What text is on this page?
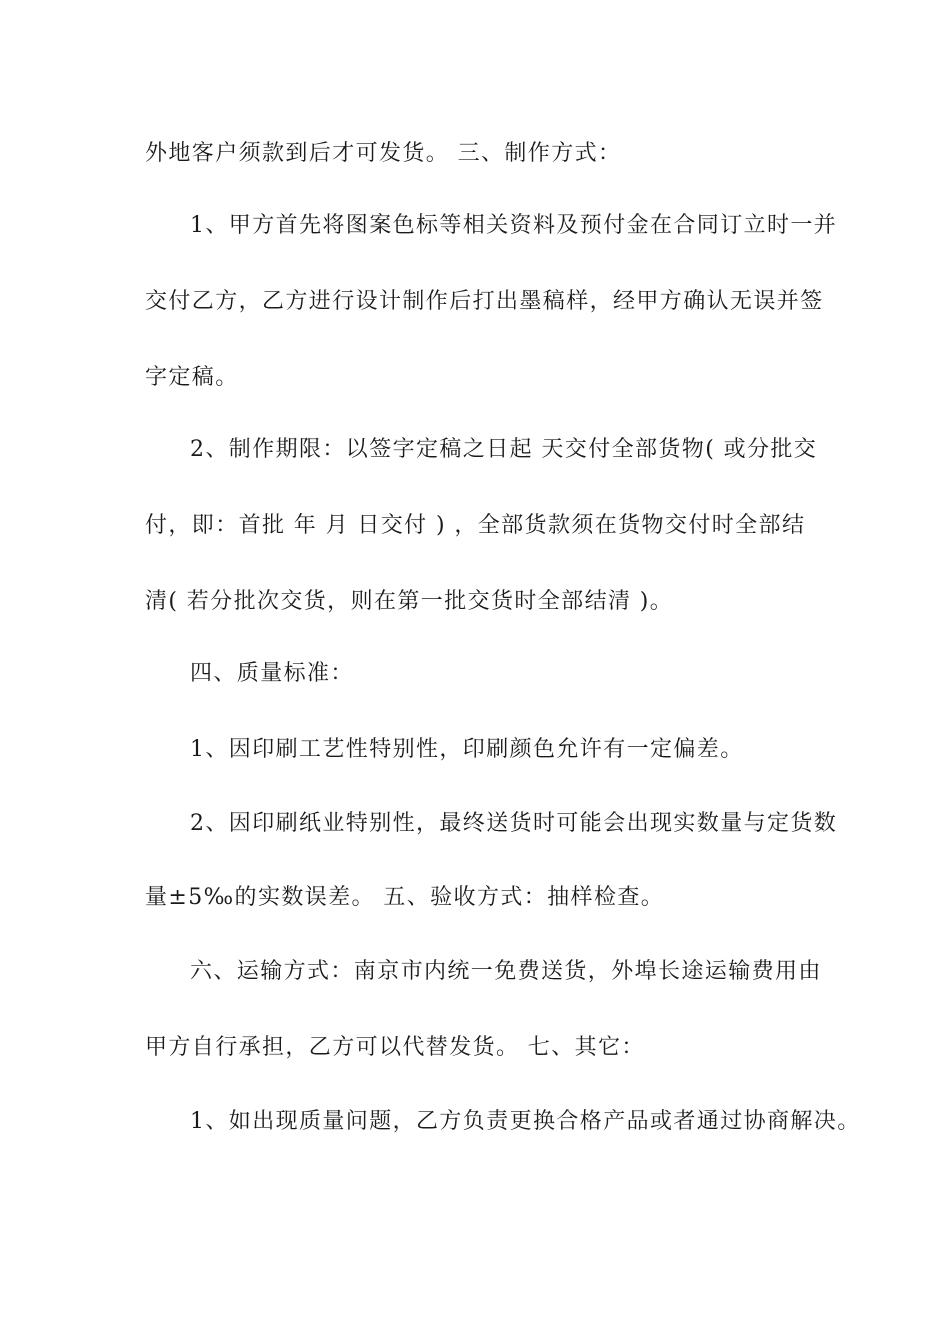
外地客户须款到后才可发货。 三、制作方式：
1、甲方首先将图案色标等相关资料及预付金在合同订立时一并
交付乙方，乙方进行设计制作后打出墨稿样，经甲方确认无误并签
字定稿。
2、制作期限：以签字定稿之日起 天交付全部货物( 或分批交
付，即：首批 年 月 日交付 ) ，全部货款须在货物交付时全部结
清( 若分批次交货，则在第一批交货时全部结清 )。
四、质量标准：
1、因印刷工艺性特别性，印刷颜色允许有一定偏差。
2、因印刷纸业特别性，最终送货时可能会出现实数量与定货数
量±5‰的实数误差。 五、验收方式：抽样检查。
六、运输方式：南京市内统一免费送货，外埠长途运输费用由
甲方自行承担，乙方可以代替发货。 七、其它：
1、如出现质量问题，乙方负责更换合格产品或者通过协商解决。
